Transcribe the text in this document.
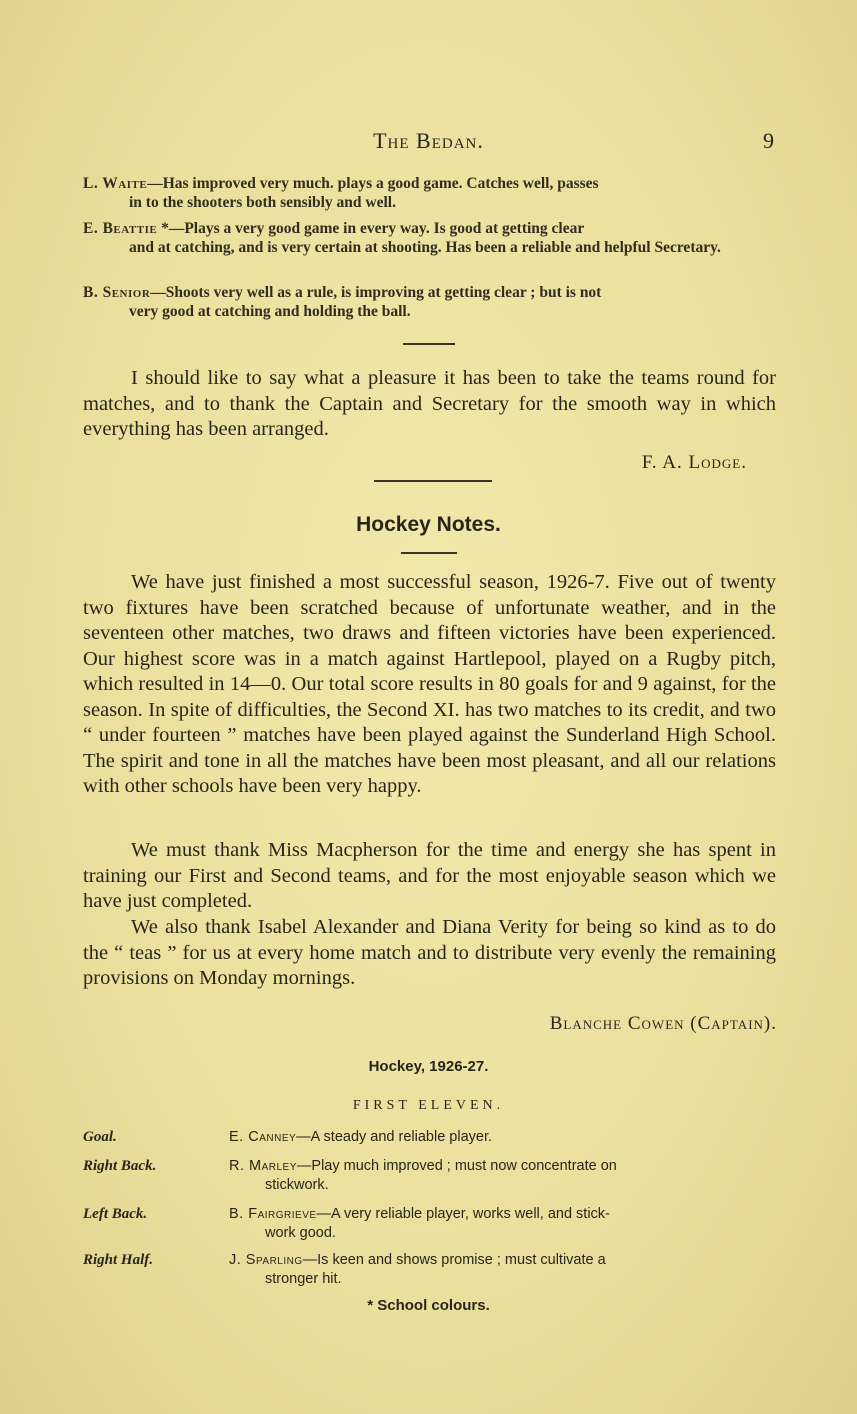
The Bedan.	9
L. Waite—Has improved very much. plays a good game. Catches well, passes
in to the shooters both sensibly and well.
E. Beattie *—Plays a very good game in every way. Is good at getting clear
and at catching, and is very certain at shooting. Has been a reliable and helpful Secretary.
B. Senior—Shoots very well as a rule, is improving at getting clear ; but is not
very good at catching and holding the ball.
I should like to say what a pleasure it has been to take the teams round for matches, and to thank the Captain and Secretary for the smooth way in which everything has been arranged.
F. A. Lodge.
Hockey Notes.
We have just finished a most successful season, 1926-7. Five out of twenty two fixtures have been scratched because of unfortunate weather, and in the seventeen other matches, two draws and fifteen victories have been experienced. Our highest score was in a match against Hartlepool, played on a Rugby pitch, which resulted in 14—0. Our total score results in 80 goals for and 9 against, for the season. In spite of difficulties, the Second XI. has two matches to its credit, and two “ under fourteen ” matches have been played against the Sunderland High School. The spirit and tone in all the matches have been most pleasant, and all our relations with other schools have been very happy.
We must thank Miss Macpherson for the time and energy she has spent in training our First and Second teams, and for the most enjoyable season which we have just completed.
We also thank Isabel Alexander and Diana Verity for being so kind as to do the “ teas ” for us at every home match and to distribute very evenly the remaining provisions on Monday mornings.
Blanche Cowen (Captain).
Hockey, 1926-27.
FIRST ELEVEN.
Goal.	E. Canney—A steady and reliable player.
Right Back.	R. Marley—Play much improved ; must now concentrate on
stickwork.
Left Back.	B. Fairgrieve—A very reliable player, works well, and stick-
work good.
Right Half.	J. Sparling—Is keen and shows promise ; must cultivate a
stronger hit.
* School colours.
